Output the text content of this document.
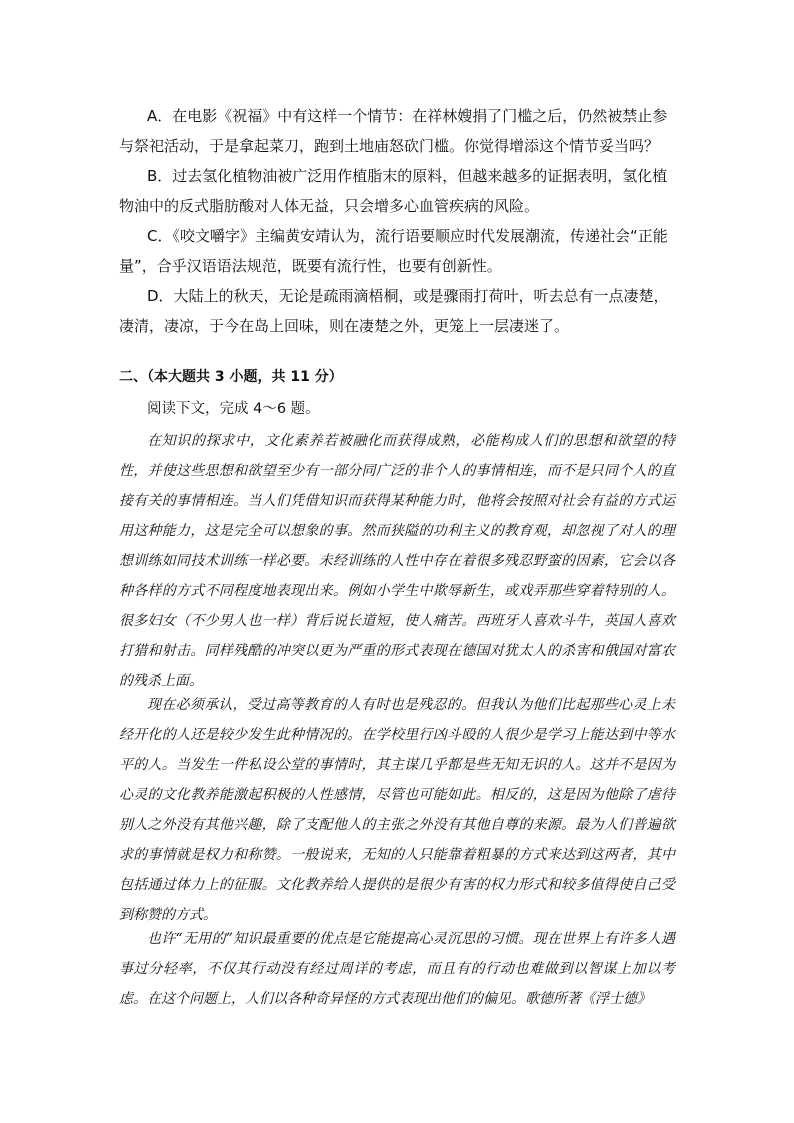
A．在电影《祝福》中有这样一个情节：在祥林嫂捐了门槛之后，仍然被禁止参与祭祀活动，于是拿起菜刀，跑到土地庙怒砍门槛。你觉得增添这个情节妥当吗？

B．过去氢化植物油被广泛用作植脂末的原料，但越来越多的证据表明，氢化植物油中的反式脂肪酸对人体无益，只会增多心血管疾病的风险。

C．《咬文嚼字》主编黄安靖认为，流行语要顺应时代发展潮流，传递社会“正能量”，合乎汉语语法规范，既要有流行性，也要有创新性。

D．大陆上的秋天，无论是疏雨滴梧桐，或是骤雨打荷叶，听去总有一点凄楚，凄清，凄凉，于今在岛上回味，则在凄楚之外，更笼上一层凄迷了。

二、（本大题共 3 小题，共 11 分）

阅读下文，完成 4～6 题。

在知识的探求中，文化素养若被融化而获得成熟，必能构成人们的思想和欲望的特性，并使这些思想和欲望至少有一部分同广泛的非个人的事情相连，而不是只同个人的直接有关的事情相连。当人们凭借知识而获得某种能力时，他将会按照对社会有益的方式运用这种能力，这是完全可以想象的事。然而狭隘的功利主义的教育观，却忽视了对人的理想训练如同技术训练一样必要。未经训练的人性中存在着很多残忍野蛮的因素，它会以各种各样的方式不同程度地表现出来。例如小学生中欺辱新生，或戏弄那些穿着特别的人。很多妇女（不少男人也一样）背后说长道短，使人痛苦。西班牙人喜欢斗牛，英国人喜欢打猎和射击。同样残酷的冲突以更为严重的形式表现在德国对犹太人的杀害和俄国对富农的残杀上面。

现在必须承认，受过高等教育的人有时也是残忍的。但我认为他们比起那些心灵上未经开化的人还是较少发生此种情况的。在学校里行凶斗殴的人很少是学习上能达到中等水平的人。当发生一件私设公堂的事情时，其主谋几乎都是些无知无识的人。这并不是因为心灵的文化教养能激起积极的人性感情，尽管也可能如此。相反的，这是因为他除了虐待别人之外没有其他兴趣，除了支配他人的主张之外没有其他自尊的来源。最为人们普遍欲求的事情就是权力和称赞。一般说来，无知的人只能靠着粗暴的方式来达到这两者，其中包括通过体力上的征服。文化教养给人提供的是很少有害的权力形式和较多值得使自己受到称赞的方式。

也许“无用的”知识最重要的优点是它能提高心灵沉思的习惯。现在世界上有许多人遇事过分轻率，不仅其行动没有经过周详的考虑，而且有的行动也难做到以智谋上加以考虑。在这个问题上，人们以各种奇异怪的方式表现出他们的偏见。歌德所著《浮士德》
